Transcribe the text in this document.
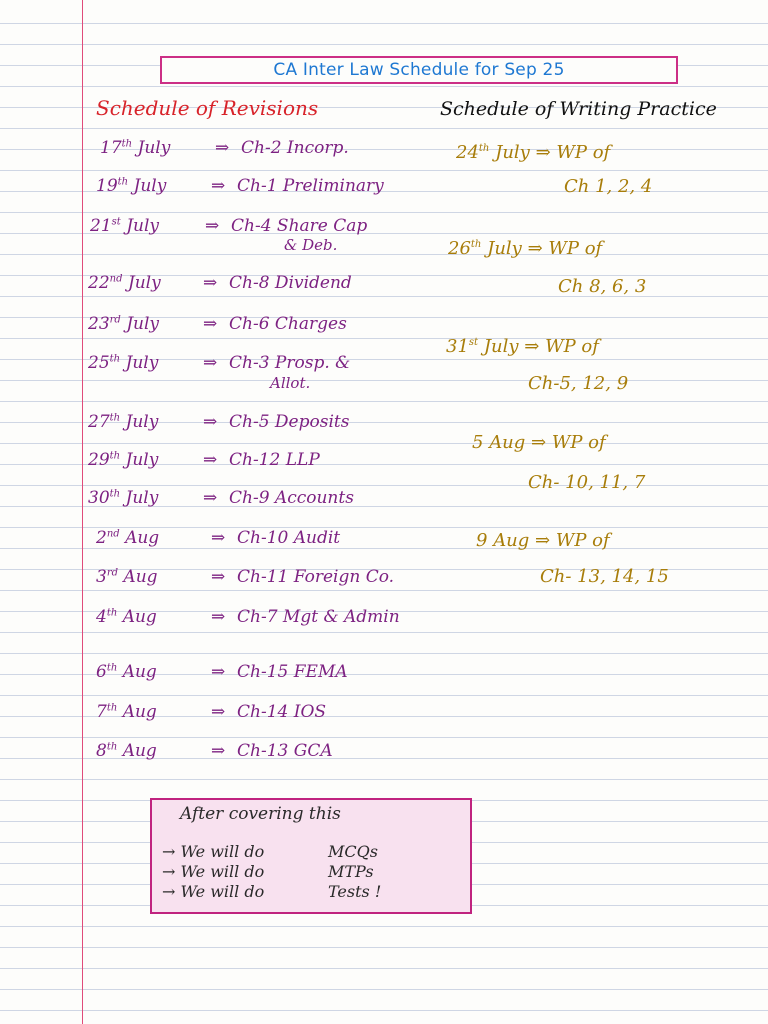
CA Inter Law Schedule for Sep 25
Schedule of Revisions	Schedule of Writing Practice
17th July	⇒ Ch-2 Incorp.
19th July	⇒ Ch-1 Preliminary
21st July	⇒ Ch-4 Share Cap
& Deb.
22nd July ⇒ Ch-8 Dividend
23rd July	⇒ Ch-6 Charges
25th July	⇒ Ch-3 Prosp. &
Allot.
27th July	⇒ Ch-5 Deposits
29th July	⇒ Ch-12 LLP
30th July	⇒ Ch-9 Accounts
2nd Aug	⇒ Ch-10 Audit
3rd Aug	⇒ Ch-11 Foreign Co.
4th Aug	⇒ Ch-7 Mgt & Admin
6th Aug	⇒ Ch-15 FEMA
7th Aug	⇒ Ch-14 IOS
8th Aug	⇒ Ch-13 GCA
24th July ⇒ WP of
Ch 1, 2, 4
26th July ⇒ WP of
Ch 8, 6, 3
31st July ⇒ WP of
Ch-5, 12, 9
5 Aug ⇒ WP of
Ch- 10, 11, 7
9 Aug ⇒ WP of
Ch- 13, 14, 15
After covering this
→ We will do	MCQs
→ We will do	MTPs
→ We will do	Tests !
